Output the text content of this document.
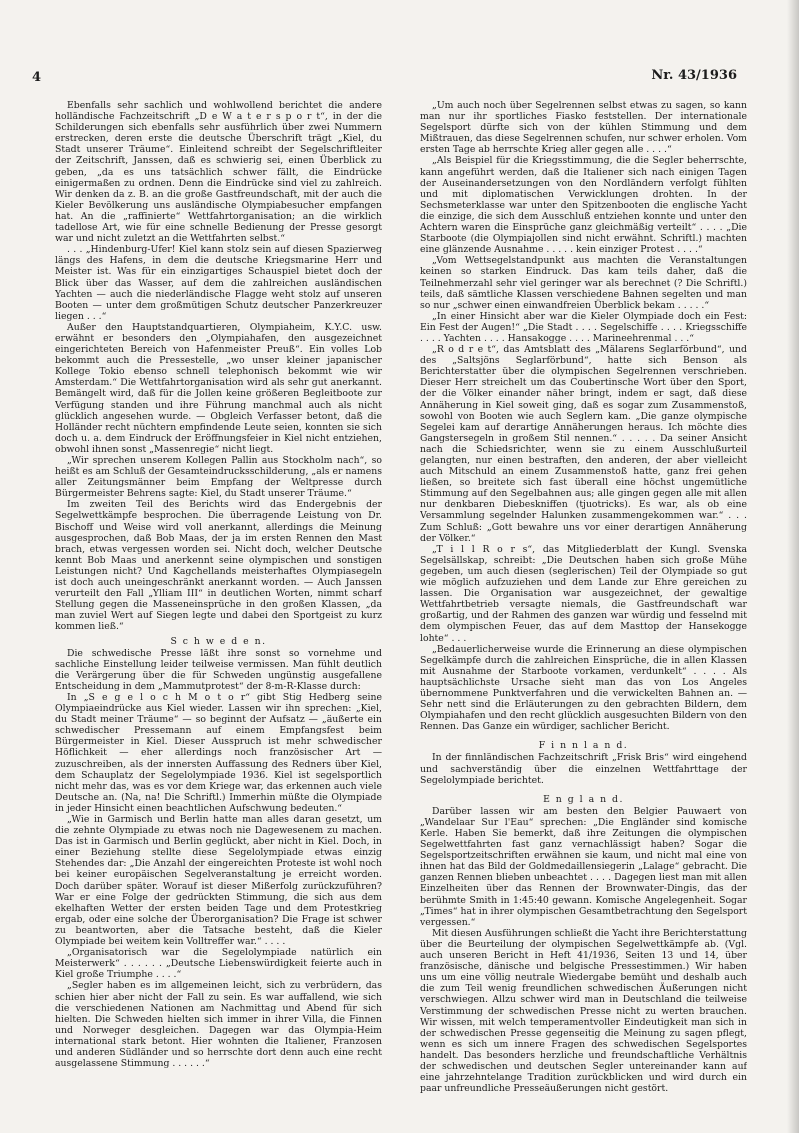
4	Nr. 43/1936

Ebenfalls sehr sachlich und wohlwollend berichtet die andere holländische Fachzeitschrift „D e W a t e r s p o r t“, in der die Schilderungen sich ebenfalls sehr ausführlich über zwei Nummern erstrecken, deren erste die deutsche Überschrift trägt „Kiel, du Stadt unserer Träume“. Einleitend schreibt der Segelschriftleiter der Zeitschrift, Janssen, daß es schwierig sei, einen Überblick zu geben, „da es uns tatsächlich schwer fällt, die Eindrücke einigermaßen zu ordnen. Denn die Eindrücke sind viel zu zahlreich. Wir denken da z. B. an die große Gastfreundschaft, mit der auch die Kieler Bevölkerung uns ausländische Olympiabesucher empfangen hat. An die „raffinierte“ Wettfahrtorganisation; an die wirklich tadellose Art, wie für eine schnelle Bedienung der Presse gesorgt war und nicht zuletzt an die Wettfahrten selbst.“

. . . „Hindenburg-Ufer! Kiel kann stolz sein auf diesen Spazierweg längs des Hafens, in dem die deutsche Kriegsmarine Herr und Meister ist. Was für ein einzigartiges Schauspiel bietet doch der Blick über das Wasser, auf dem die zahlreichen ausländischen Yachten — auch die niederländische Flagge weht stolz auf unseren Booten — unter dem großmütigen Schutz deutscher Panzerkreuzer liegen . . .“

Außer den Hauptstandquartieren, Olympiaheim, K.Y.C. usw. erwähnt er besonders den „Olympiahafen, den ausgezeichnet eingerichteten Bereich von Hafenmeister Preuß“. Ein volles Lob bekommt auch die Pressestelle, „wo unser kleiner japanischer Kollege Tokio ebenso schnell telephonisch bekommt wie wir Amsterdam.“ Die Wettfahrtorganisation wird als sehr gut anerkannt. Bemängelt wird, daß für die Jollen keine größeren Begleitboote zur Verfügung standen und ihre Führung manchmal auch als nicht glücklich angesehen wurde. — Obgleich Verfasser betont, daß die Holländer recht nüchtern empfindende Leute seien, konnten sie sich doch u. a. dem Eindruck der Eröffnungsfeier in Kiel nicht entziehen, obwohl ihnen sonst „Massenregie“ nicht liegt.

„Wir sprechen unserem Kollegen Pallin aus Stockholm nach“, so heißt es am Schluß der Gesamteindrucksschilderung, „als er namens aller Zeitungsmänner beim Empfang der Weltpresse durch Bürgermeister Behrens sagte: Kiel, du Stadt unserer Träume.“

Im zweiten Teil des Berichts wird das Endergebnis der Segelwettkämpfe besprochen. Die überragende Leistung von Dr. Bischoff und Weise wird voll anerkannt, allerdings die Meinung ausgesprochen, daß Bob Maas, der ja im ersten Rennen den Mast brach, etwas vergessen worden sei. Nicht doch, welcher Deutsche kennt Bob Maas und anerkennt seine olympischen und sonstigen Leistungen nicht? Und Kagchellands meisterhaftes Olympiasegeln ist doch auch uneingeschränkt anerkannt worden. — Auch Janssen verurteilt den Fall „Ylliam III“ in deutlichen Worten, nimmt scharf Stellung gegen die Masseneinsprüche in den großen Klassen, „da man zuviel Wert auf Siegen legte und dabei den Sportgeist zu kurz kommen ließ.“

S c h w e d e n.

Die schwedische Presse läßt ihre sonst so vornehme und sachliche Einstellung leider teilweise vermissen. Man fühlt deutlich die Verärgerung über die für Schweden ungünstig ausgefallene Entscheidung in dem „Mammutprotest“ der 8-m-R-Klasse durch:

In „S e g e l o c h M o t o r“ gibt Stig Hedberg seine Olympiaeindrücke aus Kiel wieder. Lassen wir ihn sprechen: „Kiel, du Stadt meiner Träume“ — so beginnt der Aufsatz — „äußerte ein schwedischer Pressemann auf einem Empfangsfest beim Bürgermeister in Kiel. Dieser Ausspruch ist mehr schwedischer Höflichkeit — eher allerdings noch französischer Art — zuzuschreiben, als der innersten Auffassung des Redners über Kiel, dem Schauplatz der Segelolympiade 1936. Kiel ist segelsportlich nicht mehr das, was es vor dem Kriege war, das erkennen auch viele Deutsche an. (Na, na! Die Schriftl.) Immerhin müßte die Olympiade in jeder Hinsicht einen beachtlichen Aufschwung bedeuten.“

„Wie in Garmisch und Berlin hatte man alles daran gesetzt, um die zehnte Olympiade zu etwas noch nie Dagewesenem zu machen. Das ist in Garmisch und Berlin geglückt, aber nicht in Kiel. Doch, in einer Beziehung stellte diese Segelolympiade etwas einzig Stehendes dar: „Die Anzahl der eingereichten Proteste ist wohl noch bei keiner europäischen Segelveranstaltung je erreicht worden. Doch darüber später. Worauf ist dieser Mißerfolg zurückzuführen? War er eine Folge der gedrückten Stimmung, die sich aus dem ekelhaften Wetter der ersten beiden Tage und dem Protestkrieg ergab, oder eine solche der Überorganisation? Die Frage ist schwer zu beantworten, aber die Tatsache besteht, daß die Kieler Olympiade bei weitem kein Volltreffer war.“ . . . .

„Organisatorisch war die Segelolympiade natürlich ein Meisterwerk“ . . . . . . „Deutsche Liebenswürdigkeit feierte auch in Kiel große Triumphe . . . .“

„Segler haben es im allgemeinen leicht, sich zu verbrüdern, das schien hier aber nicht der Fall zu sein. Es war auffallend, wie sich die verschiedenen Nationen am Nachmittag und Abend für sich hielten. Die Schweden hielten sich immer in ihrer Villa, die Finnen und Norweger desgleichen. Dagegen war das Olympia-Heim international stark betont. Hier wohnten die Italiener, Franzosen und anderen Südländer und so herrschte dort denn auch eine recht ausgelassene Stimmung . . . . . .“

„Um auch noch über Segelrennen selbst etwas zu sagen, so kann man nur ihr sportliches Fiasko feststellen. Der internationale Segelsport dürfte sich von der kühlen Stimmung und dem Mißtrauen, das diese Segelrennen schufen, nur schwer erholen. Vom ersten Tage ab herrschte Krieg aller gegen alle . . . .“

„Als Beispiel für die Kriegsstimmung, die die Segler beherrschte, kann angeführt werden, daß die Italiener sich nach einigen Tagen der Auseinandersetzungen von den Nordländern verfolgt fühlten und mit diplomatischen Verwicklungen drohten. In der Sechsmeterklasse war unter den Spitzenbooten die englische Yacht die einzige, die sich dem Ausschluß entziehen konnte und unter den Achtern waren die Einsprüche ganz gleichmäßig verteilt“ . . . . „Die Starboote (die Olympiajollen sind nicht erwähnt. Schriftl.) machten eine glänzende Ausnahme . . . . . kein einziger Protest . . . .“

„Vom Wettsegelstandpunkt aus machten die Veranstaltungen keinen so starken Eindruck. Das kam teils daher, daß die Teilnehmerzahl sehr viel geringer war als berechnet (? Die Schriftl.) teils, daß sämtliche Klassen verschiedene Bahnen segelten und man so nur „schwer einen einwandfreien Überblick bekam . . . . .“

„In einer Hinsicht aber war die Kieler Olympiade doch ein Fest: Ein Fest der Augen!“ „Die Stadt . . . . Segelschiffe . . . . Kriegsschiffe . . . . Yachten . . . . Hansakogge . . . . Marineehrenmal . . .“

„R o d r e t“, das Amtsblatt des „Mälarens Seglarförbund“, und des „Saltsjöns Seglarförbund“, hatte sich Benson als Berichterstatter über die olympischen Segelrennen verschrieben. Dieser Herr streichelt um das Coubertinsche Wort über den Sport, der die Völker einander näher bringt, indem er sagt, daß diese Annäherung in Kiel soweit ging, daß es sogar zum Zusammenstoß, sowohl von Booten wie auch Seglern kam. „Die ganze olympische Segelei kam auf derartige Annäherungen heraus. Ich möchte dies Gangstersegeln in großem Stil nennen.“ . . . . . Da seiner Ansicht nach die Schiedsrichter, wenn sie zu einem Ausschlußurteil gelangten, nur einen bestraften, den anderen, der aber vielleicht auch Mitschuld an einem Zusammenstoß hatte, ganz frei gehen ließen, so breitete sich fast überall eine höchst ungemütliche Stimmung auf den Segelbahnen aus; alle gingen gegen alle mit allen nur denkbaren Diebeskniffen (tjuotricks). Es war, als ob eine Versammlung segelnder Halunken zusammengekommen war.“ . . . Zum Schluß: „Gott bewahre uns vor einer derartigen Annäherung der Völker.“

„T i l l R o r s“, das Mitgliederblatt der Kungl. Svenska Segelsällskap, schreibt: „Die Deutschen haben sich große Mühe gegeben, um auch diesen (seglerischen) Teil der Olympiade so gut wie möglich aufzuziehen und dem Lande zur Ehre gereichen zu lassen. Die Organisation war ausgezeichnet, der gewaltige Wettfahrtbetrieb versagte niemals, die Gastfreundschaft war großartig, und der Rahmen des ganzen war würdig und fesselnd mit dem olympischen Feuer, das auf dem Masttop der Hansekogge lohte“ . . .

„Bedauerlicherweise wurde die Erinnerung an diese olympischen Segelkämpfe durch die zahlreichen Einsprüche, die in allen Klassen mit Ausnahme der Starboote vorkamen, verdunkelt“ . . . . Als hauptsächlichste Ursache sieht man das von Los Angeles übernommene Punktverfahren und die verwickelten Bahnen an. — Sehr nett sind die Erläuterungen zu den gebrachten Bildern, dem Olympiahafen und den recht glücklich ausgesuchten Bildern von den Rennen. Das Ganze ein würdiger, sachlicher Bericht.

F i n n l a n d.

In der finnländischen Fachzeitschrift „Frisk Bris“ wird eingehend und sachverständig über die einzelnen Wettfahrttage der Segelolympiade berichtet.

E n g l a n d.

Darüber lassen wir am besten den Belgier Pauwaert von „Wandelaar Sur l'Eau“ sprechen: „Die Engländer sind komische Kerle. Haben Sie bemerkt, daß ihre Zeitungen die olympischen Segelwettfahrten fast ganz vernachlässigt haben? Sogar die Segelsportzeitschriften erwähnen sie kaum, und nicht mal eine von ihnen hat das Bild der Goldmedaillensiegerin „Lalage“ gebracht. Die ganzen Rennen blieben unbeachtet . . . . Dagegen liest man mit allen Einzelheiten über das Rennen der Brownwater-Dingis, das der berühmte Smith in 1:45:40 gewann. Komische Angelegenheit. Sogar „Times“ hat in ihrer olympischen Gesamtbetrachtung den Segelsport vergessen.“

Mit diesen Ausführungen schließt die Yacht ihre Berichterstattung über die Beurteilung der olympischen Segelwettkämpfe ab. (Vgl. auch unseren Bericht in Heft 41/1936, Seiten 13 und 14, über französische, dänische und belgische Pressestimmen.) Wir haben uns um eine völlig neutrale Wiedergabe bemüht und deshalb auch die zum Teil wenig freundlichen schwedischen Äußerungen nicht verschwiegen. Allzu schwer wird man in Deutschland die teilweise Verstimmung der schwedischen Presse nicht zu werten brauchen. Wir wissen, mit welch temperamentvoller Eindeutigkeit man sich in der schwedischen Presse gegenseitig die Meinung zu sagen pflegt, wenn es sich um innere Fragen des schwedischen Segelsportes handelt. Das besonders herzliche und freundschaftliche Verhältnis der schwedischen und deutschen Segler untereinander kann auf eine jahrzehntelange Tradition zurückblicken und wird durch ein paar unfreundliche Presseäußerungen nicht gestört.
